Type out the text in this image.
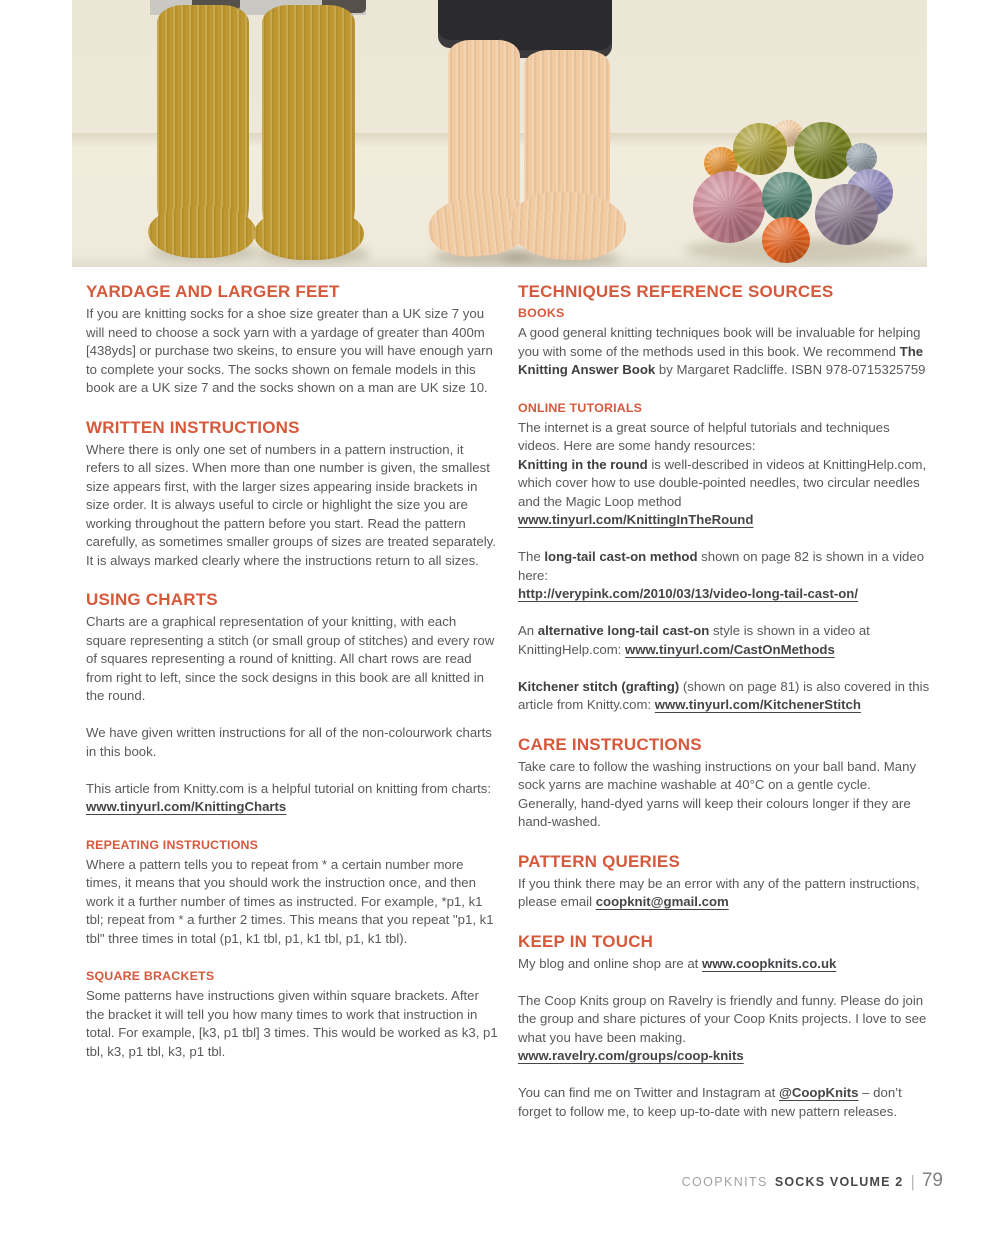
YARDAGE AND LARGER FEET

If you are knitting socks for a shoe size greater than a UK size 7 you will need to choose a sock yarn with a yardage of greater than 400m [438yds] or purchase two skeins, to ensure you will have enough yarn to complete your socks. The socks shown on female models in this book are a UK size 7 and the socks shown on a man are UK size 10.

WRITTEN INSTRUCTIONS

Where there is only one set of numbers in a pattern instruction, it refers to all sizes. When more than one number is given, the smallest size appears first, with the larger sizes appearing inside brackets in size order. It is always useful to circle or highlight the size you are working throughout the pattern before you start. Read the pattern carefully, as sometimes smaller groups of sizes are treated separately. It is always marked clearly where the instructions return to all sizes.

USING CHARTS

Charts are a graphical representation of your knitting, with each square representing a stitch (or small group of stitches) and every row of squares representing a round of knitting. All chart rows are read from right to left, since the sock designs in this book are all knitted in the round.

We have given written instructions for all of the non-colourwork charts in this book.

This article from Knitty.com is a helpful tutorial on knitting from charts: www.tinyurl.com/KnittingCharts

REPEATING INSTRUCTIONS

Where a pattern tells you to repeat from * a certain number more times, it means that you should work the instruction once, and then work it a further number of times as instructed. For example, *p1, k1 tbl; repeat from * a further 2 times. This means that you repeat "p1, k1 tbl" three times in total (p1, k1 tbl, p1, k1 tbl, p1, k1 tbl).

SQUARE BRACKETS

Some patterns have instructions given within square brackets. After the bracket it will tell you how many times to work that instruction in total. For example, [k3, p1 tbl] 3 times. This would be worked as k3, p1 tbl, k3, p1 tbl, k3, p1 tbl.

TECHNIQUES REFERENCE SOURCES
BOOKS

A good general knitting techniques book will be invaluable for helping you with some of the methods used in this book. We recommend The Knitting Answer Book by Margaret Radcliffe. ISBN 978-0715325759

ONLINE TUTORIALS

The internet is a great source of helpful tutorials and techniques videos. Here are some handy resources:
Knitting in the round is well-described in videos at KnittingHelp.com, which cover how to use double-pointed needles, two circular needles and the Magic Loop method
www.tinyurl.com/KnittingInTheRound

The long-tail cast-on method shown on page 82 is shown in a video here:
http://verypink.com/2010/03/13/video-long-tail-cast-on/

An alternative long-tail cast-on style is shown in a video at KnittingHelp.com: www.tinyurl.com/CastOnMethods

Kitchener stitch (grafting) (shown on page 81) is also covered in this article from Knitty.com: www.tinyurl.com/KitchenerStitch

CARE INSTRUCTIONS

Take care to follow the washing instructions on your ball band. Many sock yarns are machine washable at 40°C on a gentle cycle. Generally, hand-dyed yarns will keep their colours longer if they are hand-washed.

PATTERN QUERIES

If you think there may be an error with any of the pattern instructions, please email coopknit@gmail.com

KEEP IN TOUCH

My blog and online shop are at www.coopknits.co.uk

The Coop Knits group on Ravelry is friendly and funny. Please do join the group and share pictures of your Coop Knits projects. I love to see what you have been making.
www.ravelry.com/groups/coop-knits

You can find me on Twitter and Instagram at @CoopKnits – don’t forget to follow me, to keep up-to-date with new pattern releases.

COOPKNITS SOCKS VOLUME 2 | 79
